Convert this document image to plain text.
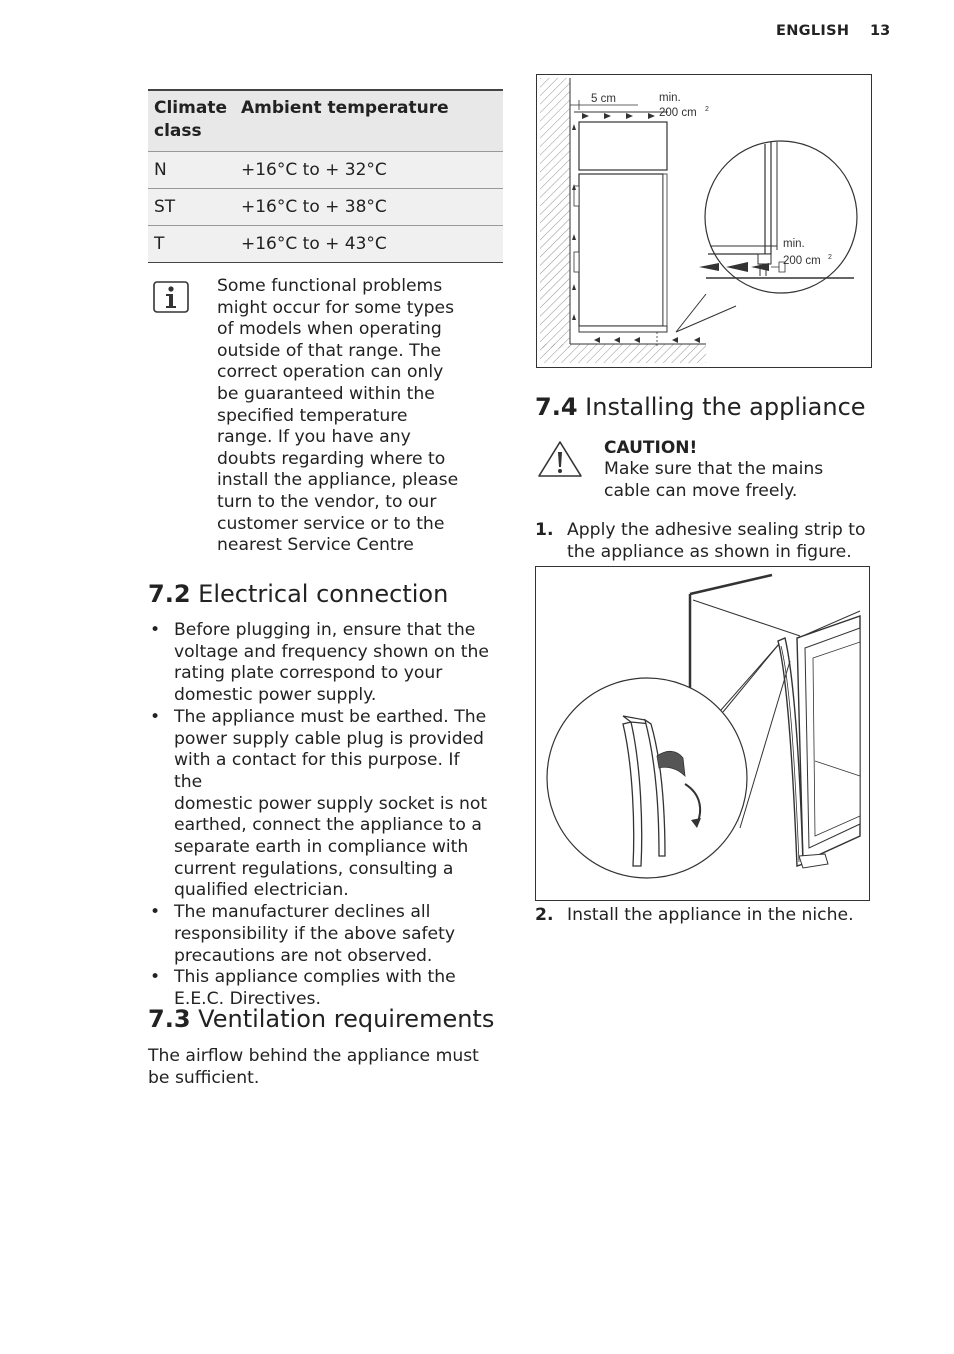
ENGLISH 13
Climate class	Ambient temperature
N	+16°C to + 32°C
ST	+16°C to + 38°C
T	+16°C to + 43°C
Some functional problems
might occur for some types
of models when operating
outside of that range. The
correct operation can only
be guaranteed within the
specified temperature
range. If you have any
doubts regarding where to
install the appliance, please
turn to the vendor, to our
customer service or to the
nearest Service Centre
7.2 Electrical connection
• Before plugging in, ensure that the
voltage and frequency shown on the
rating plate correspond to your
domestic power supply.
• The appliance must be earthed. The
power supply cable plug is provided
with a contact for this purpose. If the
domestic power supply socket is not
earthed, connect the appliance to a
separate earth in compliance with
current regulations, consulting a
qualified electrician.
• The manufacturer declines all
responsibility if the above safety
precautions are not observed.
• This appliance complies with the
E.E.C. Directives.
7.3 Ventilation requirements
The airflow behind the appliance must
be sufficient.
5 cm	min.
200 cm 2
min.
200 cm 2
7.4 Installing the appliance
CAUTION!
Make sure that the mains
cable can move freely.
1. Apply the adhesive sealing strip to
the appliance as shown in figure.
2. Install the appliance in the niche.
